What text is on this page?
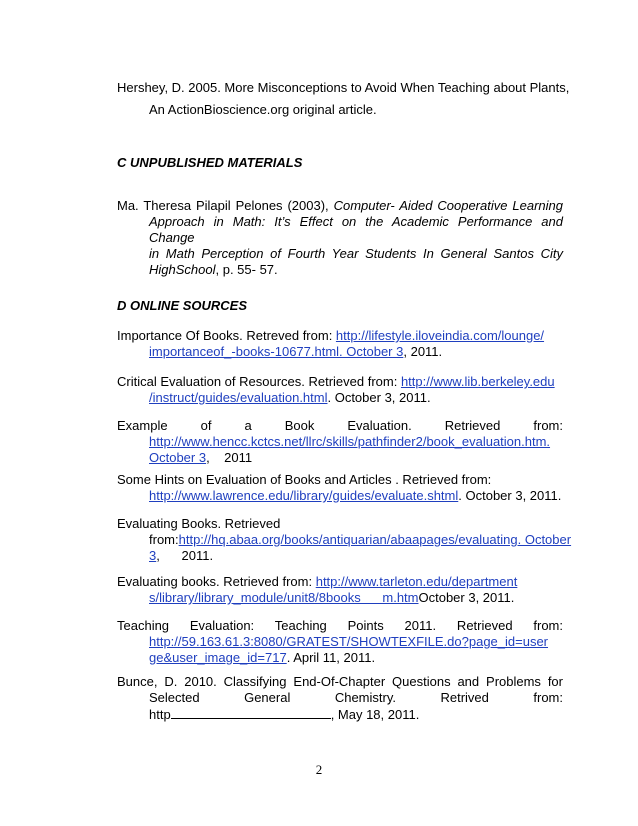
Hershey, D. 2005. More Misconceptions to Avoid When Teaching about Plants,
An ActionBioscience.org original article.
C UNPUBLISHED MATERIALS
Ma. Theresa Pilapil Pelones (2003), Computer- Aided Cooperative Learning
Approach in Math: It’s Effect on the Academic Performance and Change
in Math Perception of Fourth Year Students In General Santos City
HighSchool, p. 55- 57.
D ONLINE SOURCES
Importance Of Books. Retreved from: http://lifestyle.iloveindia.com/lounge/
importanceof_-books-10677.html. October 3, 2011.
Critical Evaluation of Resources. Retrieved from: http://www.lib.berkeley.edu
/instruct/guides/evaluation.html. October 3, 2011.
Example of a Book Evaluation. Retrieved from:
http://www.hencc.kctcs.net/llrc/skills/pathfinder2/book_evaluation.htm.
October 3,    2011
Some Hints on Evaluation of Books and Articles . Retrieved from:
http://www.lawrence.edu/library/guides/evaluate.shtml. October 3, 2011.
Evaluating Books. Retrieved
from:http://hq.abaa.org/books/antiquarian/abaapages/evaluating. October
3,      2011.
Evaluating books. Retrieved from: http://www.tarleton.edu/department
s/library/library_module/unit8/8books      m.htmOctober 3, 2011.
Teaching Evaluation: Teaching Points 2011. Retrieved from:
http://59.163.61.3:8080/GRATEST/SHOWTEXFILE.do?page_id=user
ge&user_image_id=717. April 11, 2011.
Bunce, D. 2010. Classifying End-Of-Chapter Questions and Problems for
Selected General Chemistry. Retrived from:
http	, May 18, 2011.
2
